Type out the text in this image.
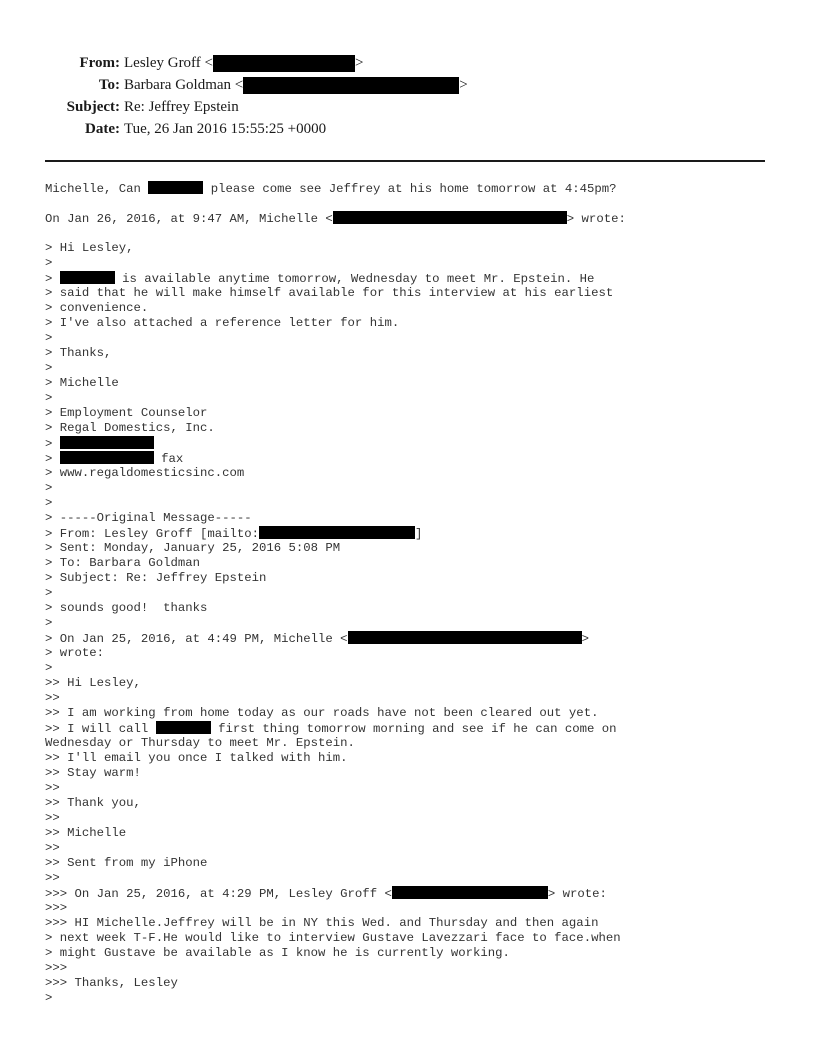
From: Lesley Groff <	>
To: Barbara Goldman <	>
Subject: Re: Jeffrey Epstein
Date: Tue, 26 Jan 2016 15:55:25 +0000
Michelle, Can	please come see Jeffrey at his home tomorrow at 4:45pm?
On Jan 26, 2016, at 9:47 AM, Michelle <	> wrote:
> Hi Lesley,
>
>	is available anytime tomorrow, Wednesday to meet Mr. Epstein. He
> said that he will make himself available for this interview at his earliest
> convenience.
> I've also attached a reference letter for him.
>
> Thanks,
>
> Michelle
>
> Employment Counselor
> Regal Domestics, Inc.
>
>	fax
> www.regaldomesticsinc.com
>
>
> -----Original Message-----
> From: Lesley Groff [mailto:	]
> Sent: Monday, January 25, 2016 5:08 PM
> To: Barbara Goldman
> Subject: Re: Jeffrey Epstein
>
> sounds good!  thanks
>
> On Jan 25, 2016, at 4:49 PM, Michelle <	>
> wrote:
>
>> Hi Lesley,
>>
>> I am working from home today as our roads have not been cleared out yet.
>> I will call	first thing tomorrow morning and see if he can come on
Wednesday or Thursday to meet Mr. Epstein.
>> I'll email you once I talked with him.
>> Stay warm!
>>
>> Thank you,
>>
>> Michelle
>>
>> Sent from my iPhone
>>
>>> On Jan 25, 2016, at 4:29 PM, Lesley Groff <	> wrote:
>>>
>>> HI Michelle.Jeffrey will be in NY this Wed. and Thursday and then again
> next week T-F.He would like to interview Gustave Lavezzari face to face.when
> might Gustave be available as I know he is currently working.
>>>
>>> Thanks, Lesley
>
